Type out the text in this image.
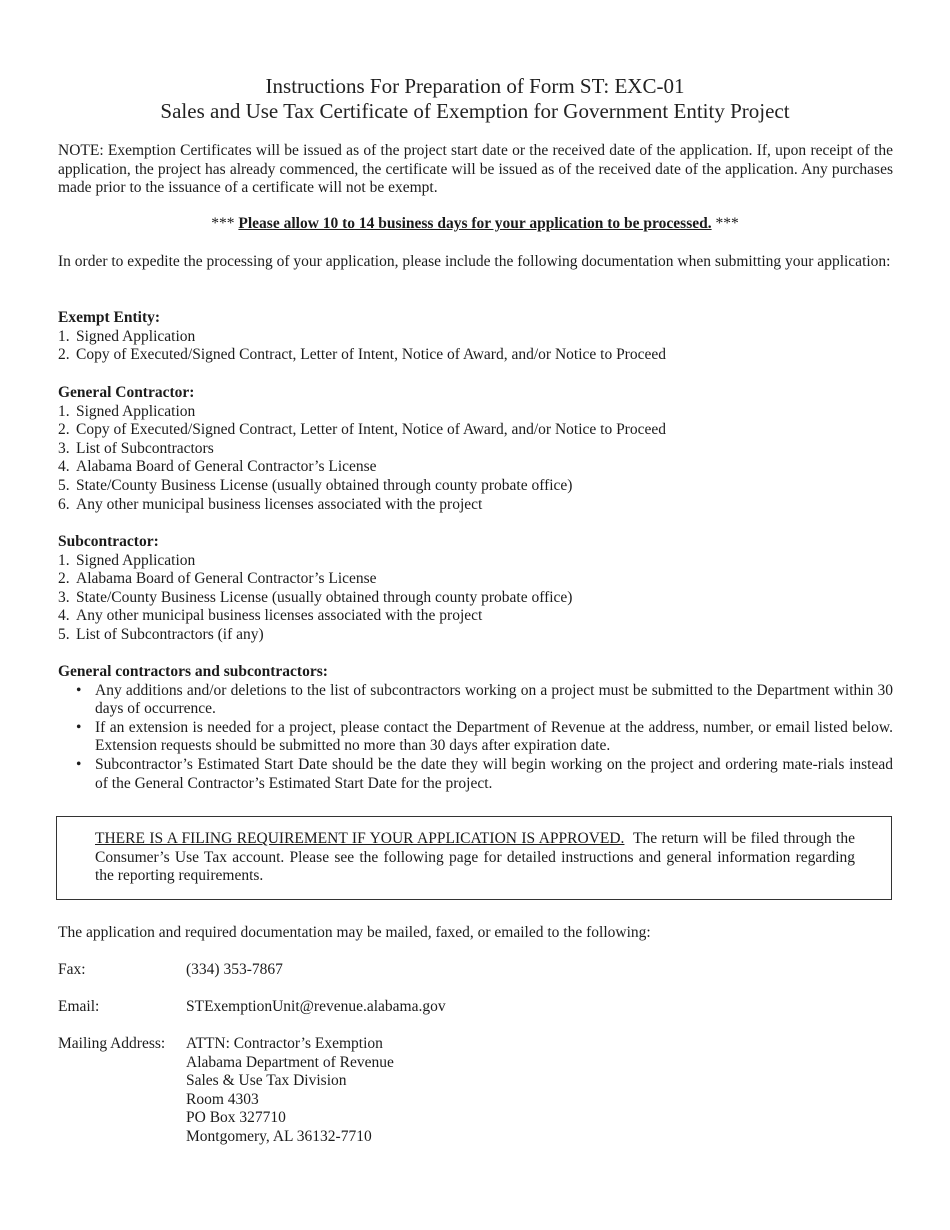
Instructions For Preparation of Form ST: EXC-01
Sales and Use Tax Certificate of Exemption for Government Entity Project
NOTE: Exemption Certificates will be issued as of the project start date or the received date of the application. If, upon receipt of the application, the project has already commenced, the certificate will be issued as of the received date of the application. Any purchases made prior to the issuance of a certificate will not be exempt.
*** Please allow 10 to 14 business days for your application to be processed. ***
In order to expedite the processing of your application, please include the following documentation when submitting your application:
Exempt Entity:
1. Signed Application
2. Copy of Executed/Signed Contract, Letter of Intent, Notice of Award, and/or Notice to Proceed
General Contractor:
1. Signed Application
2. Copy of Executed/Signed Contract, Letter of Intent, Notice of Award, and/or Notice to Proceed
3. List of Subcontractors
4. Alabama Board of General Contractor’s License
5. State/County Business License (usually obtained through county probate office)
6. Any other municipal business licenses associated with the project
Subcontractor:
1. Signed Application
2. Alabama Board of General Contractor’s License
3. State/County Business License (usually obtained through county probate office)
4. Any other municipal business licenses associated with the project
5. List of Subcontractors (if any)
General contractors and subcontractors:
• Any additions and/or deletions to the list of subcontractors working on a project must be submitted to the Department within 30 days of occurrence.
• If an extension is needed for a project, please contact the Department of Revenue at the address, number, or email listed below. Extension requests should be submitted no more than 30 days after expiration date.
• Subcontractor’s Estimated Start Date should be the date they will begin working on the project and ordering mate-rials instead of the General Contractor’s Estimated Start Date for the project.
THERE IS A FILING REQUIREMENT IF YOUR APPLICATION IS APPROVED.  The return will be filed through the Consumer’s Use Tax account. Please see the following page for detailed instructions and general information regarding the reporting requirements.
The application and required documentation may be mailed, faxed, or emailed to the following:
Fax:	(334) 353-7867
Email:	STExemptionUnit@revenue.alabama.gov
Mailing Address: ATTN: Contractor’s Exemption
Alabama Department of Revenue
Sales & Use Tax Division
Room 4303
PO Box 327710
Montgomery, AL 36132-7710
